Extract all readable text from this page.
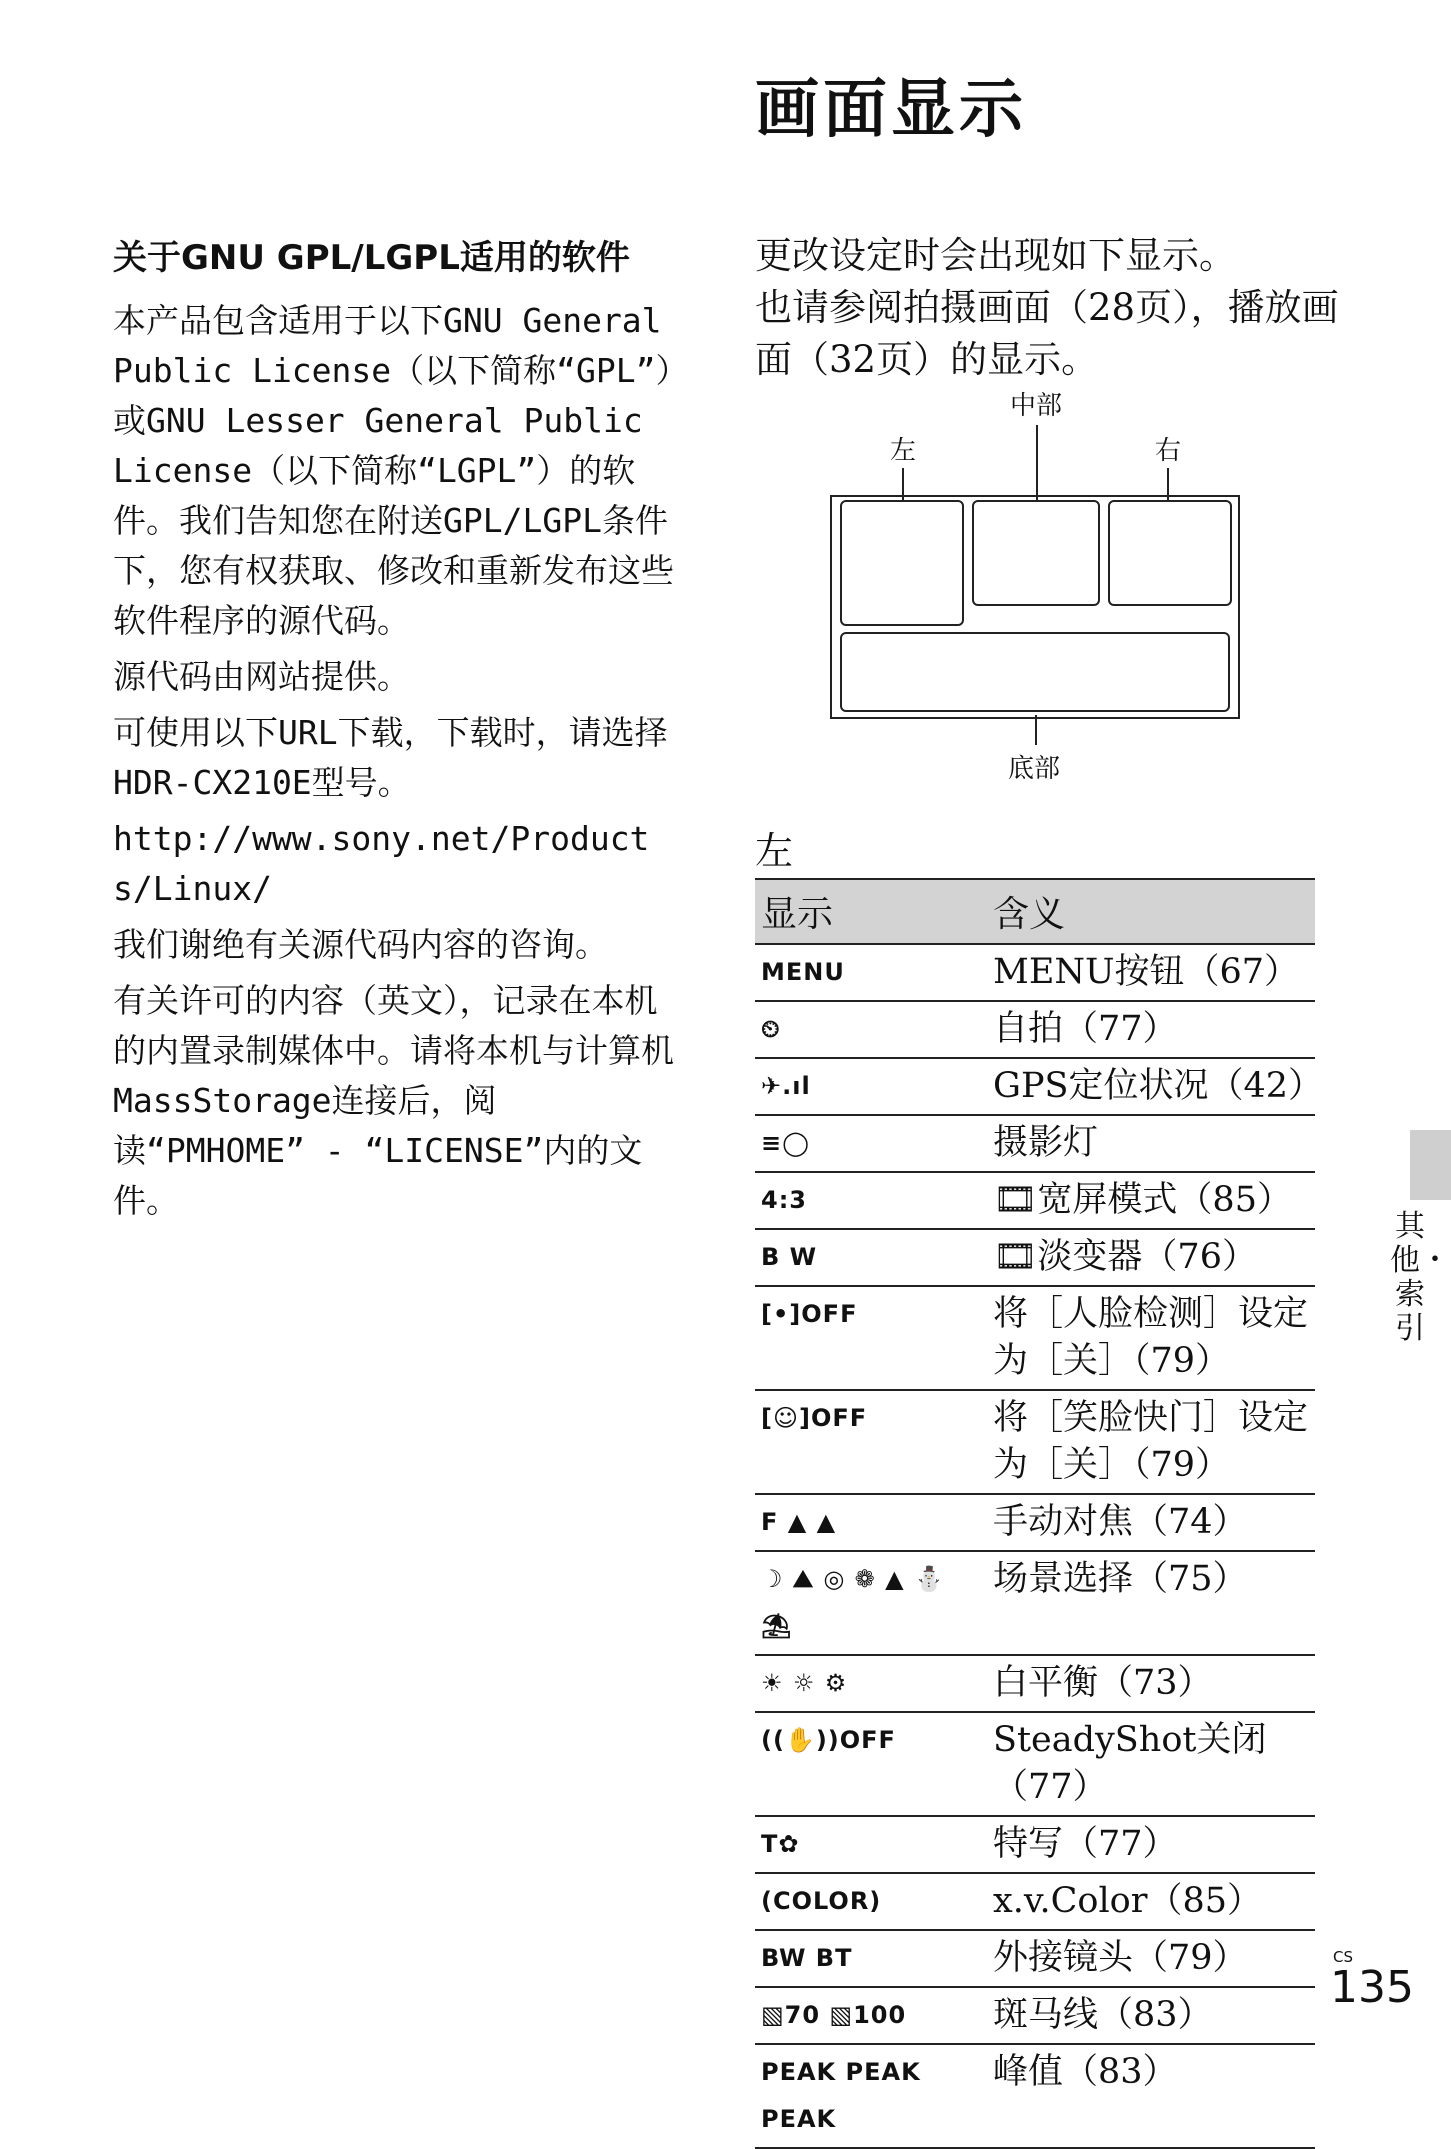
画面显示
关于GNU GPL/LGPL适用的软件

本产品包含适用于以下GNU General Public License（以下简称“GPL”）或GNU Lesser General Public License（以下简称“LGPL”）的软件。我们告知您在附送GPL/LGPL条件下，您有权获取、修改和重新发布这些软件程序的源代码。

源代码由网站提供。

可使用以下URL下载，下载时，请选择HDR-CX210E型号。

http://www.sony.net/Products/Linux/

我们谢绝有关源代码内容的咨询。

有关许可的内容（英文），记录在本机的内置录制媒体中。请将本机与计算机MassStorage连接后，阅读“PMHOME” - “LICENSE”内的文件。

更改设定时会出现如下显示。

也请参阅拍摄画面（28页），播放画面（32页）的显示。

中部
左	右
底部
左
显示	含义
MENU	MENU按钮（67）
⏲	自拍（77）
✈.ıl	GPS定位状况（42）
≡◯	摄影灯
4:3	🎞宽屏模式（85）
B W	🎞淡变器（76）
[•]OFF	将［人脸检测］设定为［关］（79）
[☺]OFF	将［笑脸快门］设定为［关］（79）
F ▲ ▲	手动对焦（74）
☽ ⛰ ◎ ❁ ▲ ⛄ ⛱	场景选择（75）
☀ ☼ ⚙	白平衡（73）
((✋))OFF	SteadyShot关闭（77）
T✿	特写（77）
(COLOR)	x.v.Color（85）
BW BT	外接镜头（79）
▧70 ▧100	斑马线（83）
PEAK PEAK PEAK	峰值（83）
其他・索引
CS
135
